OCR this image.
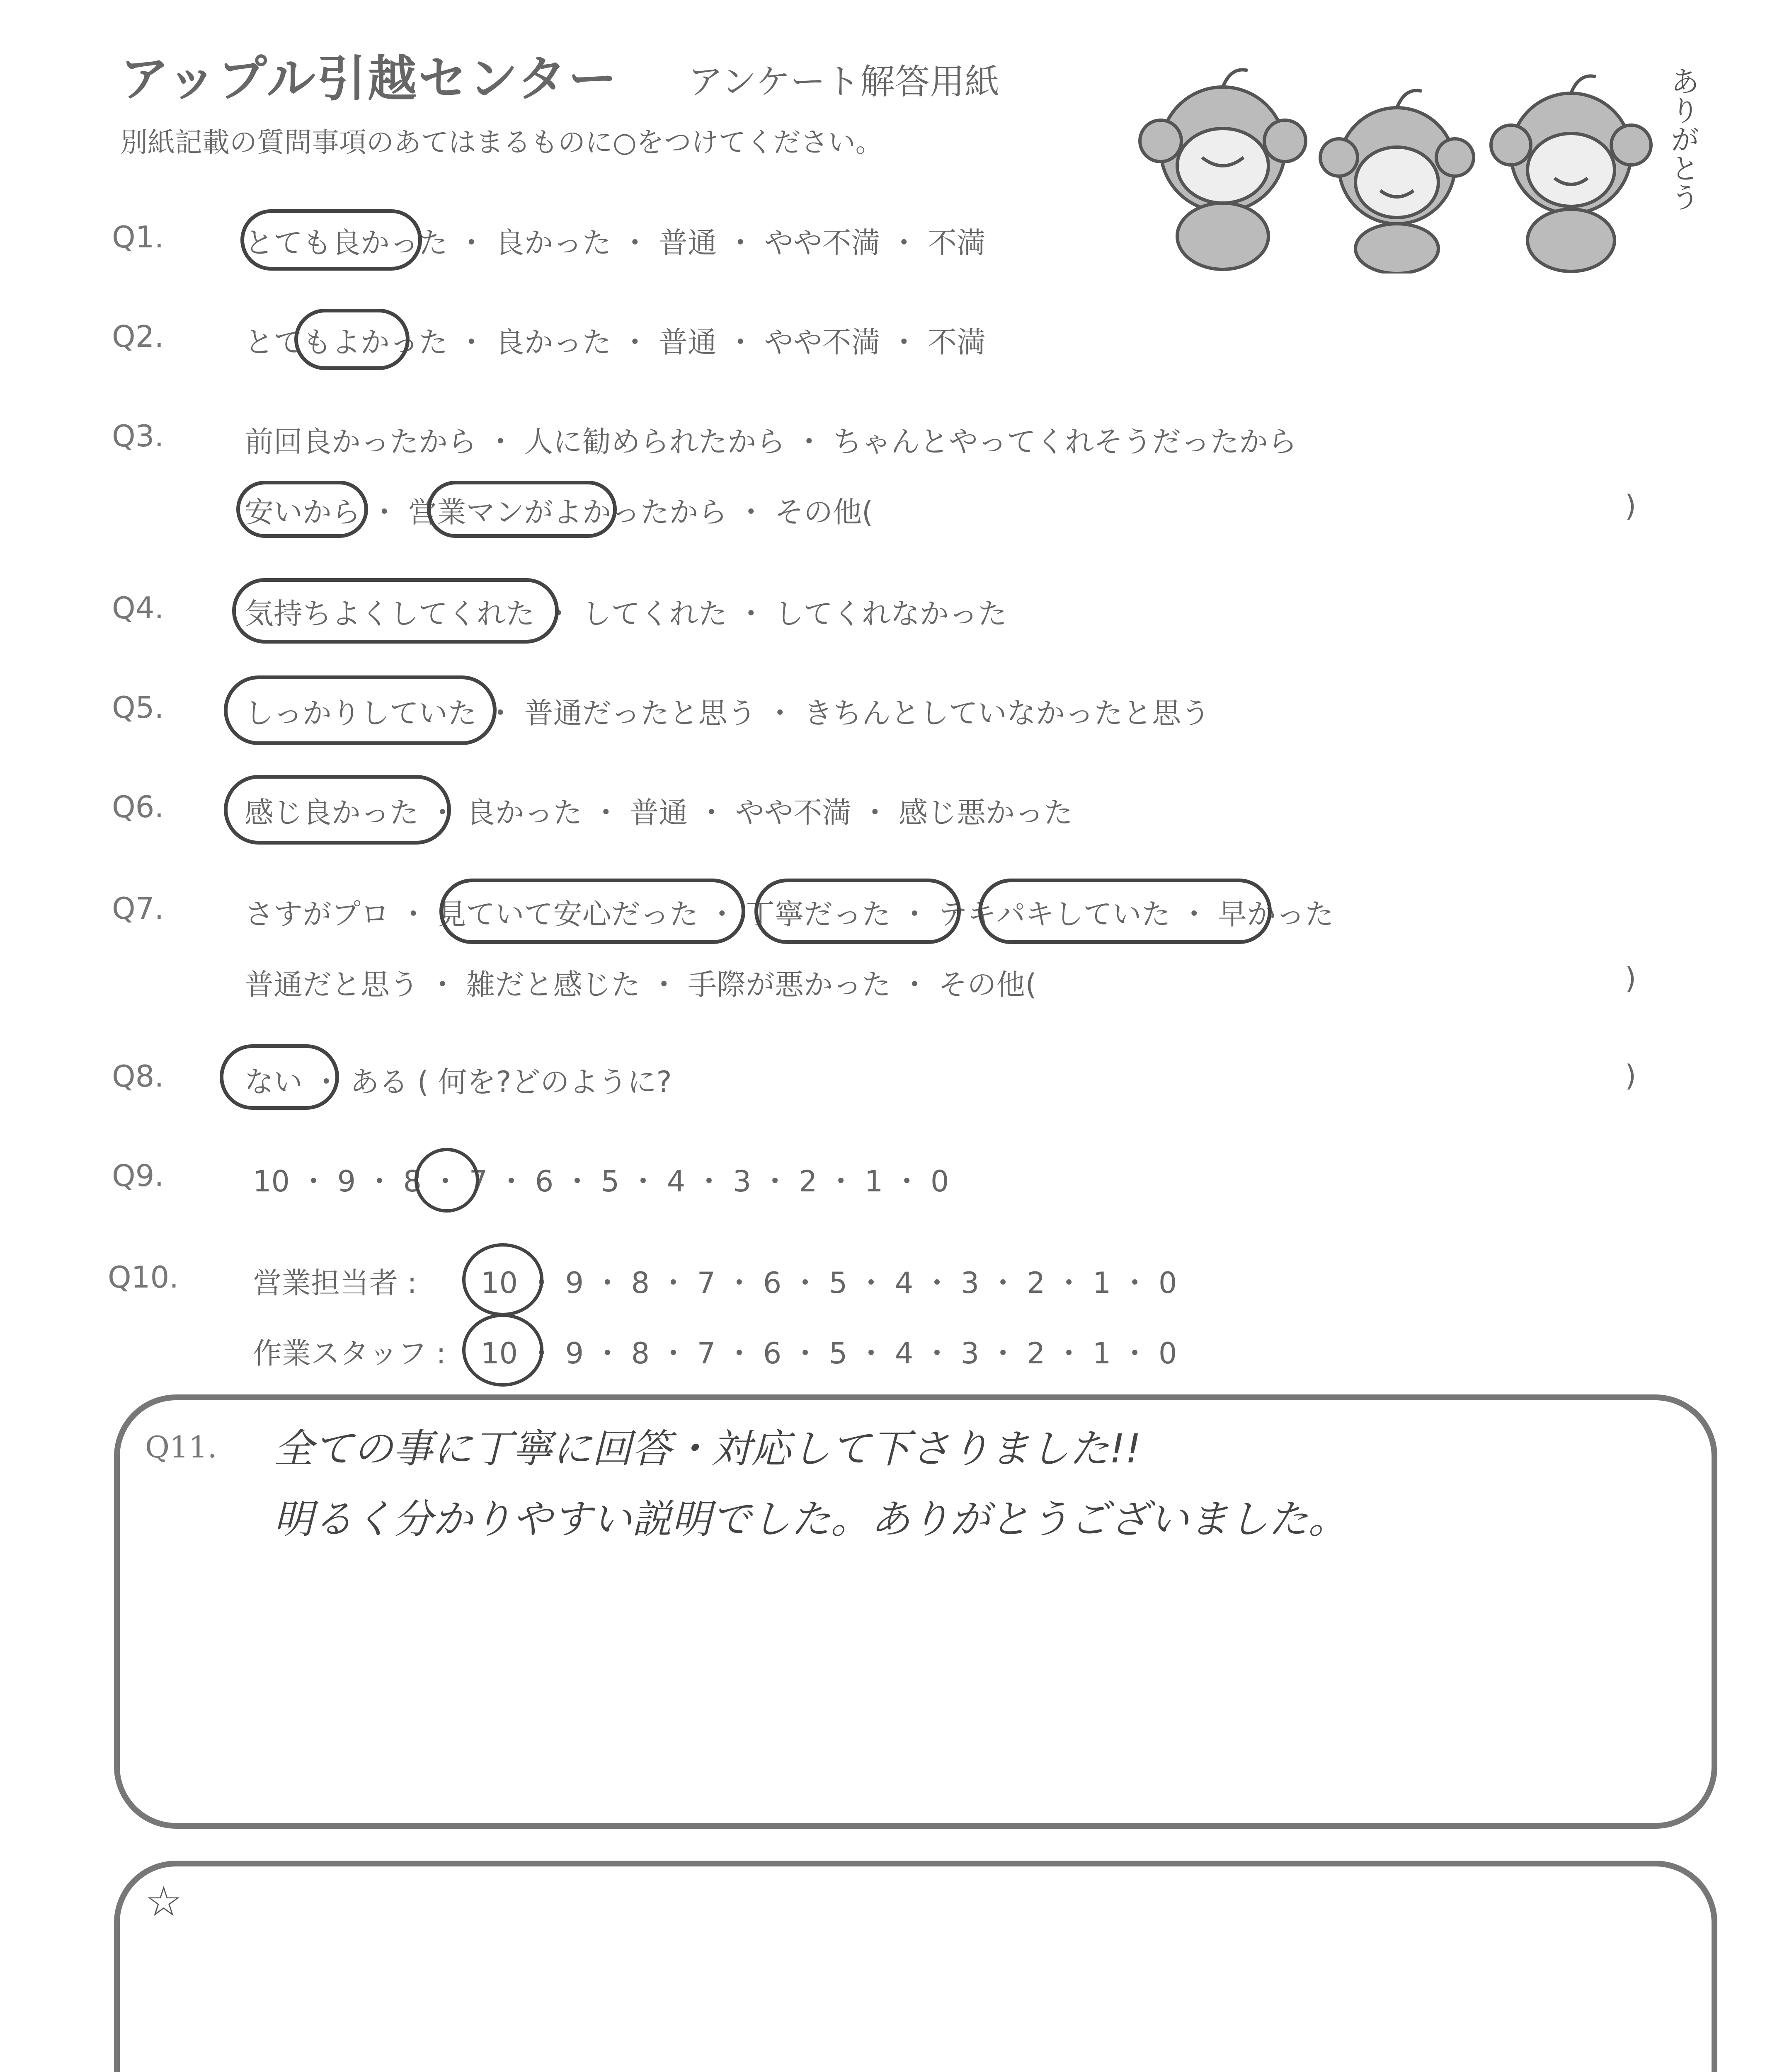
アップル引越センター アンケート解答用紙
別紙記載の質問事項のあてはまるものに○をつけてください。	ありがとう
Q1.	とても良かった ・ 良かった ・ 普通 ・ やや不満 ・ 不満
Q2.	とてもよかった ・ 良かった ・ 普通 ・ やや不満 ・ 不満
Q3.	前回良かったから ・ 人に勧められたから ・ ちゃんとやってくれそうだったから
安いから ・ 営業マンがよかったから ・ その他(	)
Q4.	気持ちよくしてくれた ・ してくれた ・ してくれなかった
Q5.	しっかりしていた ・ 普通だったと思う ・ きちんとしていなかったと思う
Q6.	感じ良かった ・ 良かった ・ 普通 ・ やや不満 ・ 感じ悪かった
Q7.	さすがプロ ・ 見ていて安心だった ・ 丁寧だった ・ テキパキしていた ・ 早かった
普通だと思う ・ 雑だと感じた ・ 手際が悪かった ・ その他(	)
Q8.	ない ・ ある ( 何を?どのように?	)
Q9.	10 ・ 9 ・ 8 ・ 7 ・ 6 ・ 5 ・ 4 ・ 3 ・ 2 ・ 1 ・ 0
Q10.	営業担当者 : 10 ・ 9 ・ 8 ・ 7 ・ 6 ・ 5 ・ 4 ・ 3 ・ 2 ・ 1 ・ 0
作業スタッフ : 10 ・ 9 ・ 8 ・ 7 ・ 6 ・ 5 ・ 4 ・ 3 ・ 2 ・ 1 ・ 0
Q11. 全ての事に丁寧に回答・対応して下さりました!!
明るく分かりやすい説明でした。ありがとうございました。
☆
